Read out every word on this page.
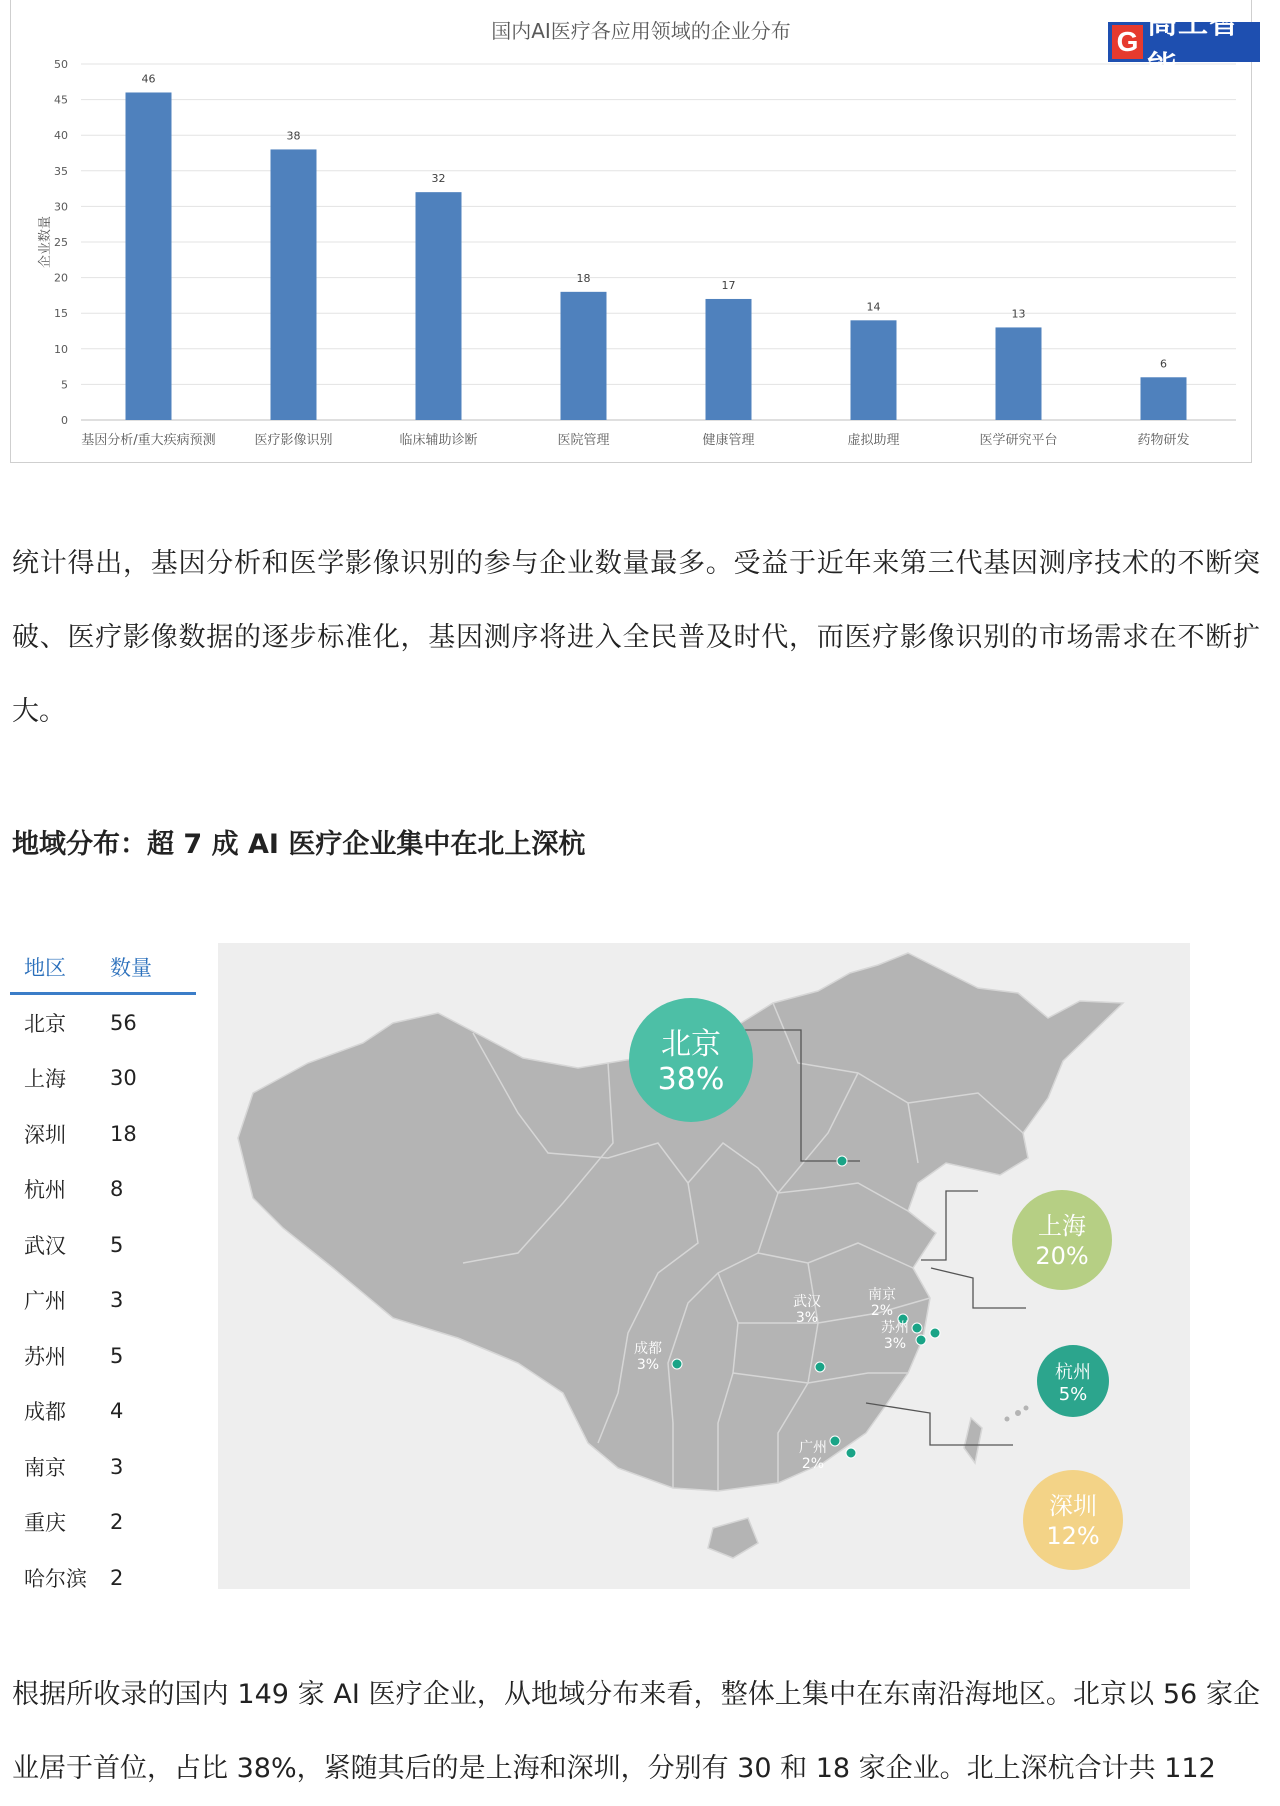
国内AI医疗各应用领域的企业分布
0
5
10
15
20
25
30
35
40
45
50
企业数量
46
基因分析/重大疾病预测
38
医疗影像识别
32
临床辅助诊断
18
医院管理
17
健康管理
14
虚拟助理
13
医学研究平台
6
药物研发
G
高工智能

统计得出，基因分析和医学影像识别的参与企业数量最多。受益于近年来第三代基因测序技术的不断突破、医疗影像数据的逐步标准化，基因测序将进入全民普及时代，而医疗影像识别的市场需求在不断扩大。

地域分布：超 7 成 AI 医疗企业集中在北上深杭
地区	数量
北京	56
上海	30
深圳	18
杭州	8
武汉	5
广州	3
苏州	5
成都	4
南京	3
重庆	2
哈尔滨	2
南京
2%
武汉
3%
苏州
3%
成都
3%
广州
2%
北京
38%
上海
20%
杭州
5%
深圳
12%

根据所收录的国内 149 家 AI 医疗企业，从地域分布来看，整体上集中在东南沿海地区。北京以 56 家企业居于首位，占比 38%，紧随其后的是上海和深圳，分别有 30 和 18 家企业。北上深杭合计共 112
